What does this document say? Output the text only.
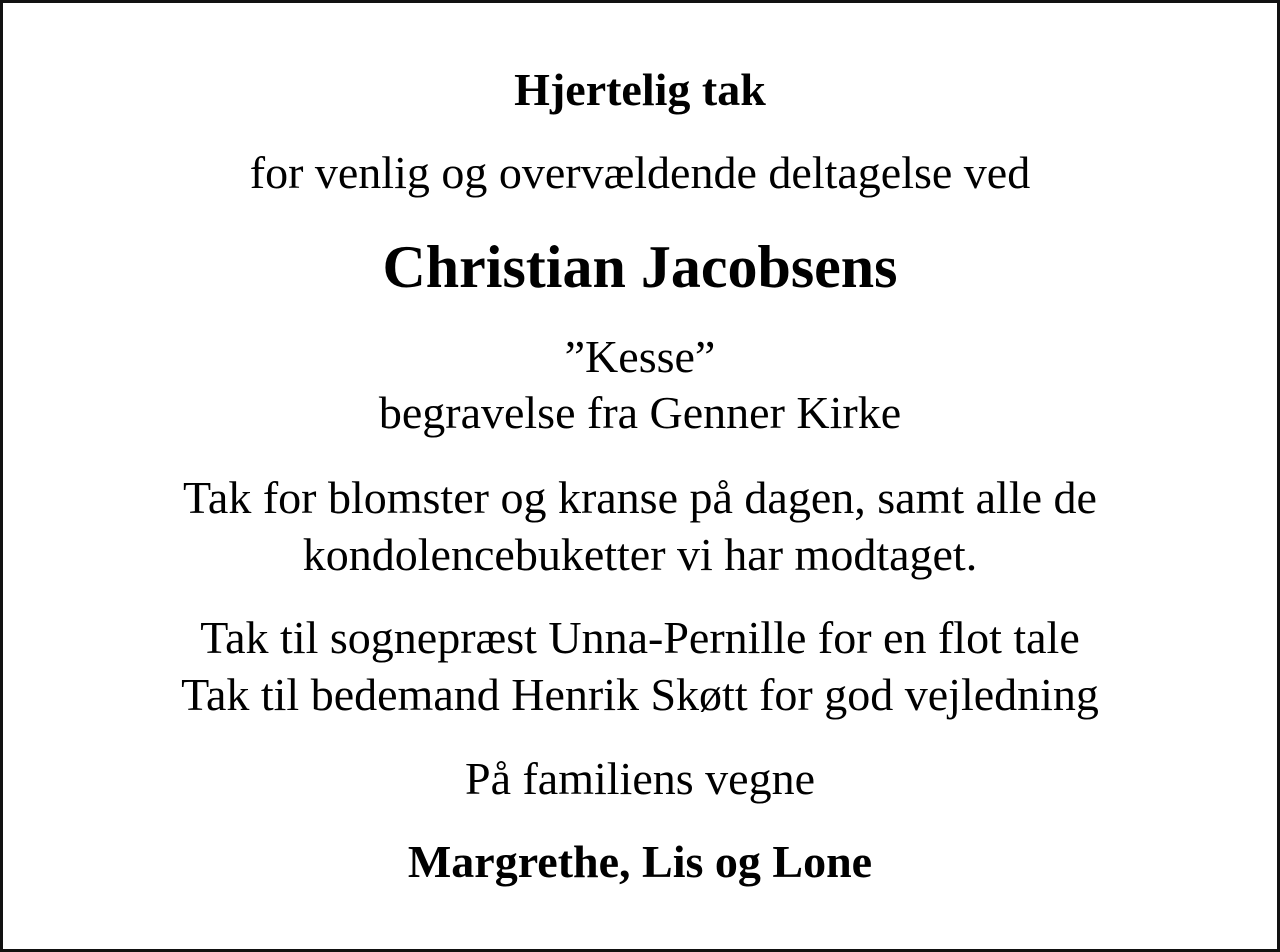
Hjertelig tak
for venlig og overvældende deltagelse ved
Christian Jacobsens
”Kesse”
begravelse fra Genner Kirke
Tak for blomster og kranse på dagen, samt alle de
kondolencebuketter vi har modtaget.
Tak til sognepræst Unna-Pernille for en flot tale
Tak til bedemand Henrik Skøtt for god vejledning
På familiens vegne
Margrethe, Lis og Lone
